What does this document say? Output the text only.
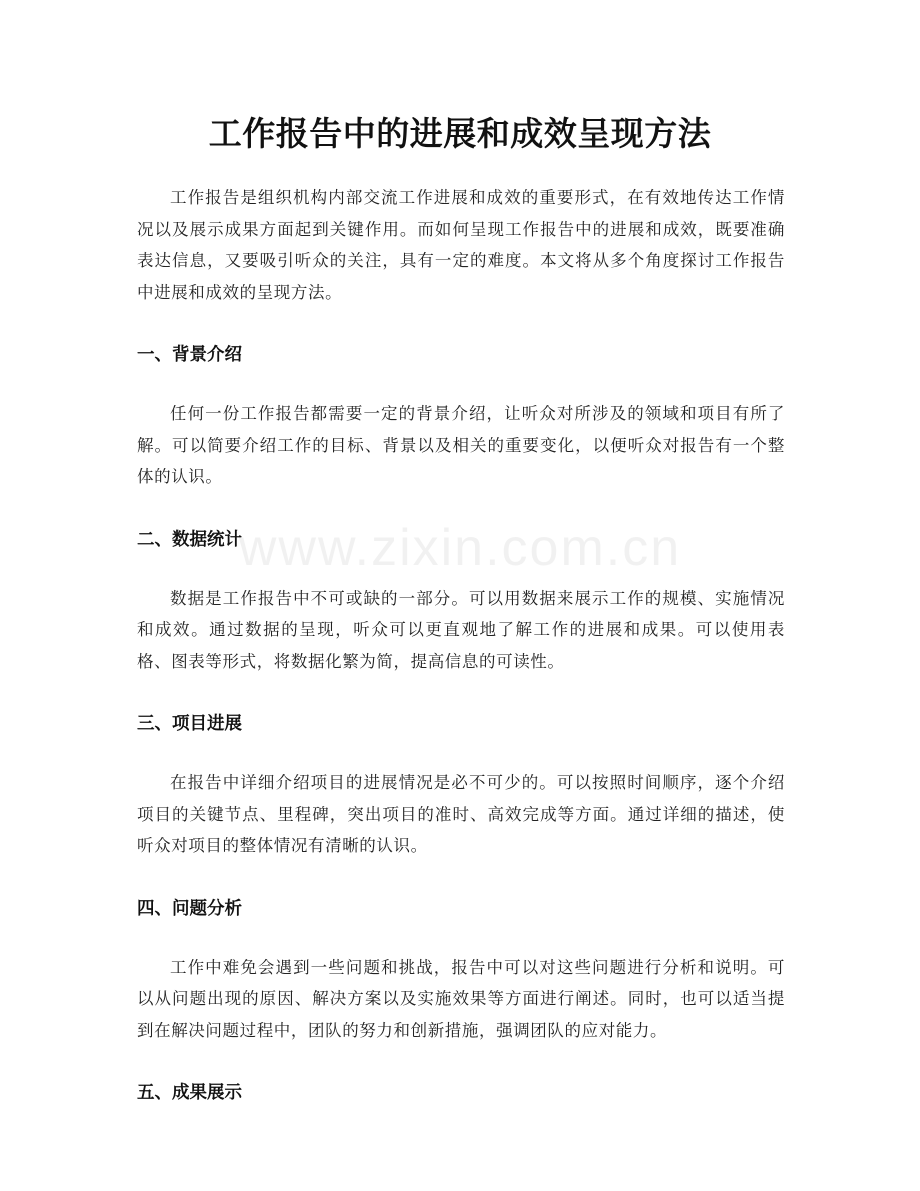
www.zixin.com.cn
工作报告中的进展和成效呈现方法

工作报告是组织机构内部交流工作进展和成效的重要形式，在有效地传达工作情况以及展示成果方面起到关键作用。而如何呈现工作报告中的进展和成效，既要准确表达信息，又要吸引听众的关注，具有一定的难度。本文将从多个角度探讨工作报告中进展和成效的呈现方法。

一、背景介绍

任何一份工作报告都需要一定的背景介绍，让听众对所涉及的领域和项目有所了解。可以简要介绍工作的目标、背景以及相关的重要变化，以便听众对报告有一个整体的认识。

二、数据统计

数据是工作报告中不可或缺的一部分。可以用数据来展示工作的规模、实施情况和成效。通过数据的呈现，听众可以更直观地了解工作的进展和成果。可以使用表格、图表等形式，将数据化繁为简，提高信息的可读性。

三、项目进展

在报告中详细介绍项目的进展情况是必不可少的。可以按照时间顺序，逐个介绍项目的关键节点、里程碑，突出项目的准时、高效完成等方面。通过详细的描述，使听众对项目的整体情况有清晰的认识。

四、问题分析

工作中难免会遇到一些问题和挑战，报告中可以对这些问题进行分析和说明。可以从问题出现的原因、解决方案以及实施效果等方面进行阐述。同时，也可以适当提到在解决问题过程中，团队的努力和创新措施，强调团队的应对能力。

五、成果展示
